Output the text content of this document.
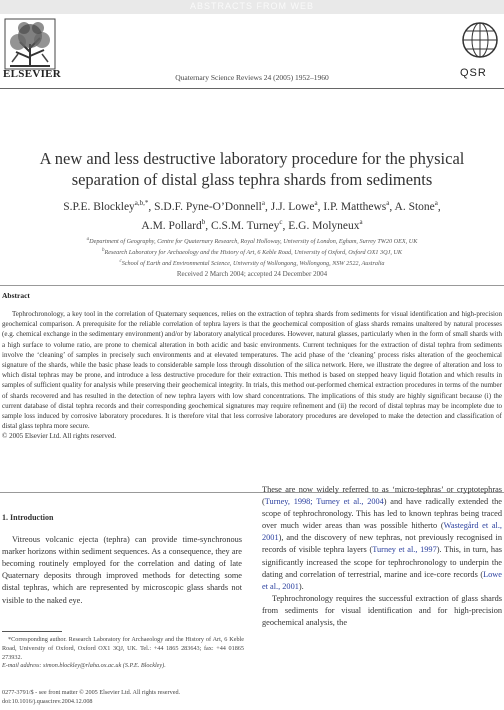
ABSTRACTS FROM WEB
ELSEVIER	Quaternary Science Reviews 24 (2005) 1952–1960	QSR
A new and less destructive laboratory procedure for the physical separation of distal glass tephra shards from sediments
S.P.E. Blockley$^{a,b,*}$, S.D.F. Pyne-O’Donnell$^a$, J.J. Lowe$^a$, I.P. Matthews$^a$, A. Stone$^a$,
A.M. Pollard$^b$, C.S.M. Turney$^c$, E.G. Molyneux$^a$
$^a$Department of Geography, Centre for Quaternary Research, Royal Holloway, University of London, Egham, Surrey TW20 OEX, UK
$^b$Research Laboratory for Archaeology and the History of Art, 6 Keble Road, University of Oxford, Oxford OX1 3QJ, UK
$^c$School of Earth and Environmental Science, University of Wollongong, Wollongong, NSW 2522, Australia
Received 2 March 2004; accepted 24 December 2004
Abstract
Tephrochronology, a key tool in the correlation of Quaternary sequences, relies on the extraction of tephra shards from sediments for visual identification and high-precision geochemical comparison. A prerequisite for the reliable correlation of tephra layers is that the geochemical composition of glass shards remains unaltered by natural processes (e.g. chemical exchange in the sedimentary environment) and/or by laboratory analytical procedures. However, natural glasses, particularly when in the form of small shards with a high surface to volume ratio, are prone to chemical alteration in both acidic and basic environments. Current techniques for the extraction of distal tephra from sediments involve the ‘cleaning’ of samples in precisely such environments and at elevated temperatures. The acid phase of the ‘cleaning’ process risks alteration of the geochemical signature of the shards, while the basic phase leads to considerable sample loss through dissolution of the silica network. Here, we illustrate the degree of alteration and loss to which distal tephras may be prone, and introduce a less destructive procedure for their extraction. This method is based on stepped heavy liquid flotation and which results in samples of sufficient quality for analysis while preserving their geochemical integrity. In trials, this method out-performed chemical extraction procedures in terms of the number of shards recovered and has resulted in the detection of new tephra layers with low shard concentrations. The implications of this study are highly significant because (i) the current database of distal tephra records and their corresponding geochemical signatures may require refinement and (ii) the record of distal tephras may be incomplete due to sample loss induced by corrosive laboratory procedures. It is therefore vital that less corrosive laboratory procedures are developed to make the detection and classification of distal glass tephra more secure.
© 2005 Elsevier Ltd. All rights reserved.
1. Introduction
Vitreous volcanic ejecta (tephra) can provide time-synchronous marker horizons within sediment sequences. As a consequence, they are becoming routinely employed for the correlation and dating of late Quaternary deposits through improved methods for detecting some distal tephras, which are represented by microscopic glass shards not visible to the naked eye.
These are now widely referred to as ‘micro-tephras’ or cryptotephras (Turney, 1998; Turney et al., 2004) and have radically extended the scope of tephrochronology. This has led to known tephras being traced over much wider areas than was possible hitherto (Wastegård et al., 2001), and the discovery of new tephras, not previously recognised in records of visible tephra layers (Turney et al., 1997). This, in turn, has significantly increased the scope for tephrochronology to underpin the dating and correlation of terrestrial, marine and ice-core records (Lowe et al., 2001).
Tephrochronology requires the successful extraction of glass shards from sediments for visual identification and for high-precision geochemical analysis, the
*Corresponding author. Research Laboratory for Archaeology and the History of Art, 6 Keble Road, University of Oxford, Oxford OX1 3QJ, UK. Tel.: +44 1865 283643; fax: +44 01865 273932.
E-mail address: simon.blockley@rlaha.ox.ac.uk (S.P.E. Blockley).
0277-3791/$ - see front matter © 2005 Elsevier Ltd. All rights reserved.
doi:10.1016/j.quascirev.2004.12.008
